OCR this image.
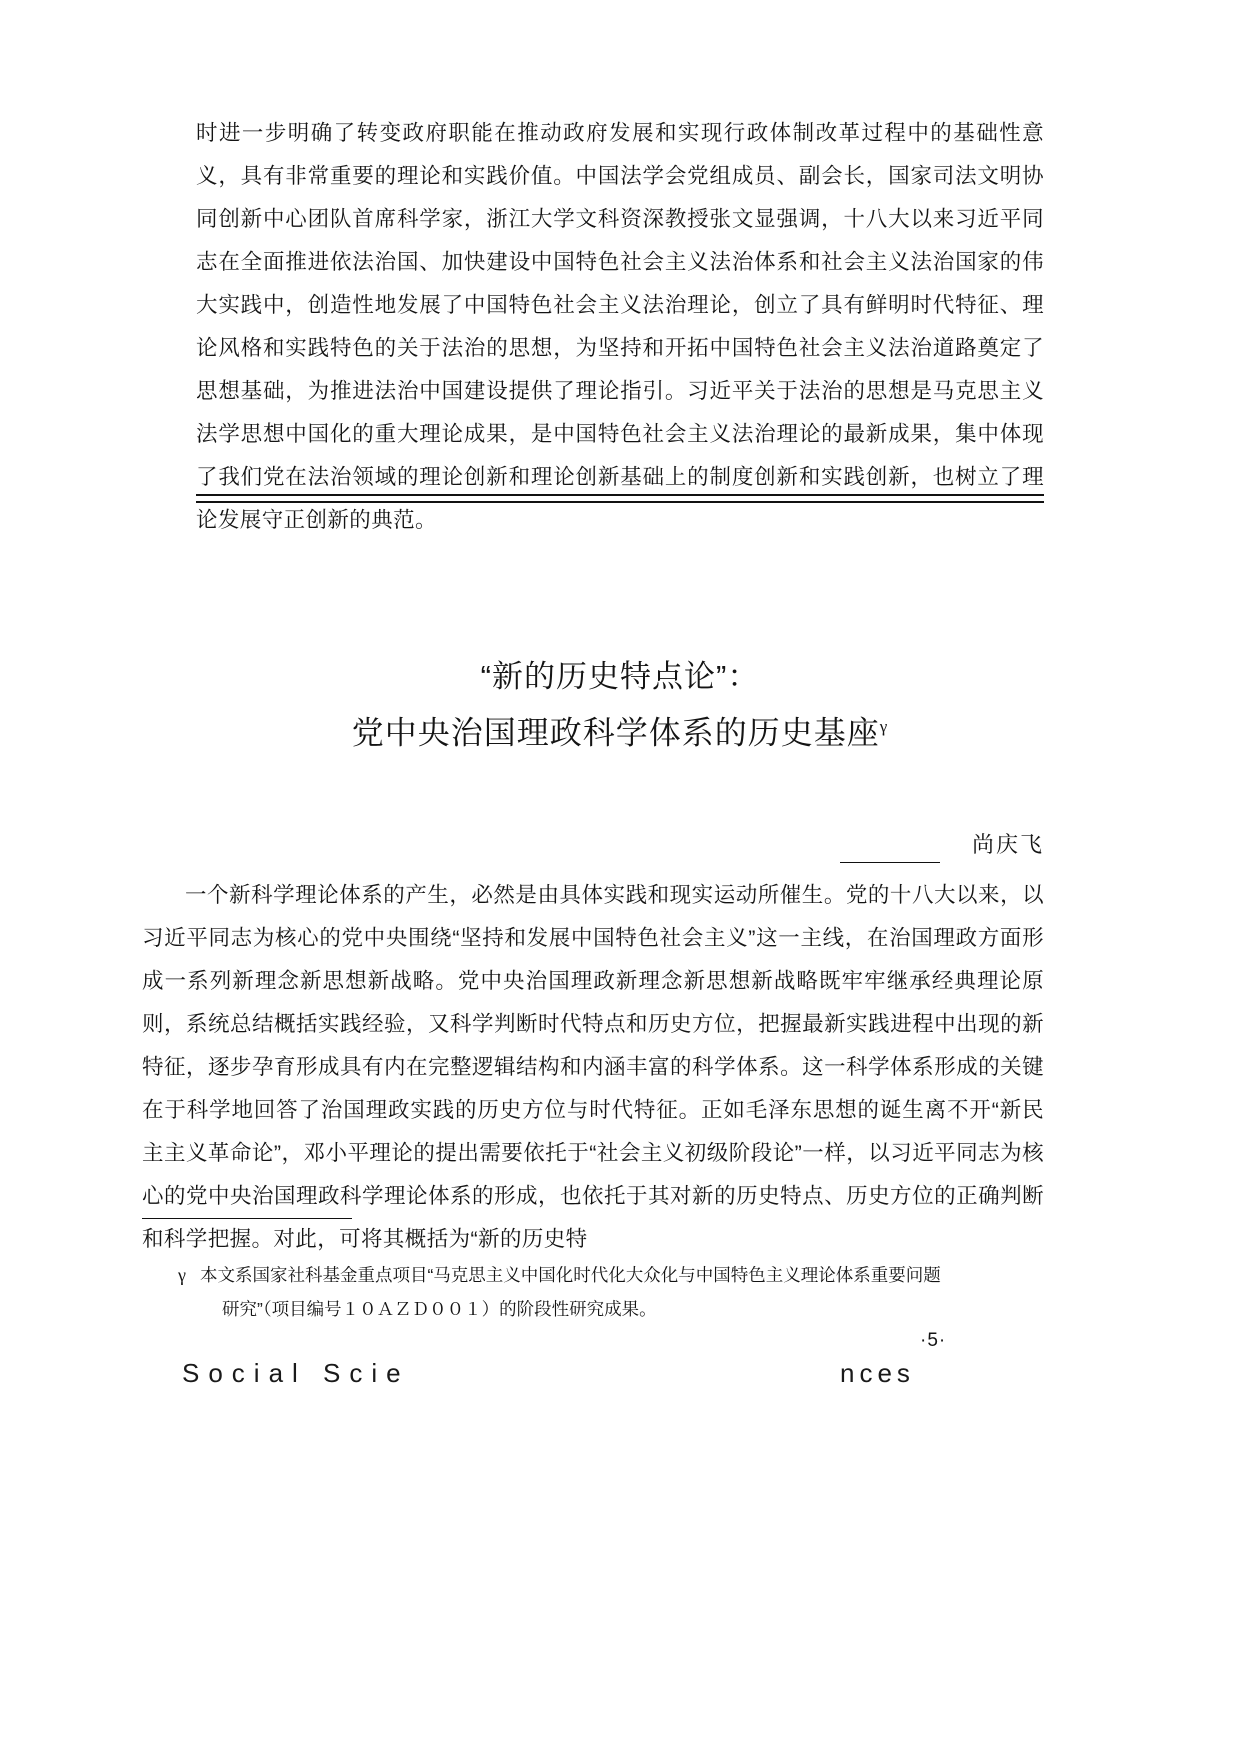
时进一步明确了转变政府职能在推动政府发展和实现行政体制改革过程中的基础性意义，具有非常重要的理论和实践价值。中国法学会党组成员、副会长，国家司法文明协同创新中心团队首席科学家，浙江大学文科资深教授张文显强调，十八大以来习近平同志在全面推进依法治国、加快建设中国特色社会主义法治体系和社会主义法治国家的伟大实践中，创造性地发展了中国特色社会主义法治理论，创立了具有鲜明时代特征、理论风格和实践特色的关于法治的思想，为坚持和开拓中国特色社会主义法治道路奠定了思想基础，为推进法治中国建设提供了理论指引。习近平关于法治的思想是马克思主义法学思想中国化的重大理论成果，是中国特色社会主义法治理论的最新成果，集中体现了我们党在法治领域的理论创新和理论创新基础上的制度创新和实践创新，也树立了理论发展守正创新的典范。
“新的历史特点论”：
党中央治国理政科学体系的历史基座$^\gamma$
尚庆飞
一个新科学理论体系的产生，必然是由具体实践和现实运动所催生。党的十八大以来，以习近平同志为核心的党中央围绕“坚持和发展中国特色社会主义”这一主线，在治国理政方面形成一系列新理念新思想新战略。党中央治国理政新理念新思想新战略既牢牢继承经典理论原则，系统总结概括实践经验，又科学判断时代特点和历史方位，把握最新实践进程中出现的新特征，逐步孕育形成具有内在完整逻辑结构和内涵丰富的科学体系。这一科学体系形成的关键在于科学地回答了治国理政实践的历史方位与时代特征。正如毛泽东思想的诞生离不开“新民主主义革命论”，邓小平理论的提出需要依托于“社会主义初级阶段论”一样，以习近平同志为核心的党中央治国理政科学理论体系的形成，也依托于其对新的历史特点、历史方位的正确判断和科学把握。对此，可将其概括为“新的历史特
γ 本文系国家社科基金重点项目“马克思主义中国化时代化大众化与中国特色主义理论体系重要问题
研究”（项目编号１０ＡＺＤ００１）的阶段性研究成果。
·5·
Social Scie	nces
